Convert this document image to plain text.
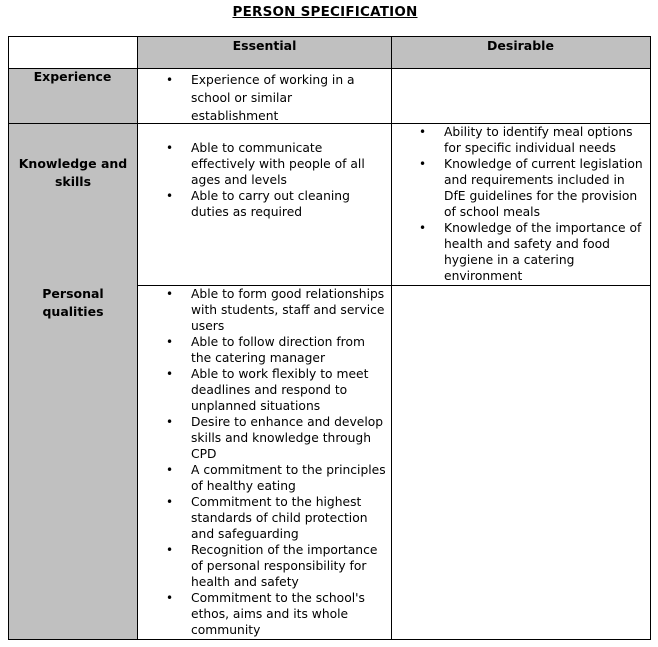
PERSON SPECIFICATION
Essential	Desirable
Experience
Knowledge and skills
Personal qualities
• Experience of working in a school or similar establishment
• Able to communicate effectively with people of all ages and levels
• Able to carry out cleaning duties as required
• Ability to identify meal options for specific individual needs
• Knowledge of current legislation and requirements included in DfE guidelines for the provision of school meals
• Knowledge of the importance of health and safety and food hygiene in a catering environment
• Able to form good relationships with students, staff and service users
• Able to follow direction from the catering manager
• Able to work flexibly to meet deadlines and respond to unplanned situations
• Desire to enhance and develop skills and knowledge through CPD
• A commitment to the principles of healthy eating
• Commitment to the highest standards of child protection and safeguarding
• Recognition of the importance of personal responsibility for health and safety
• Commitment to the school's ethos, aims and its whole community
